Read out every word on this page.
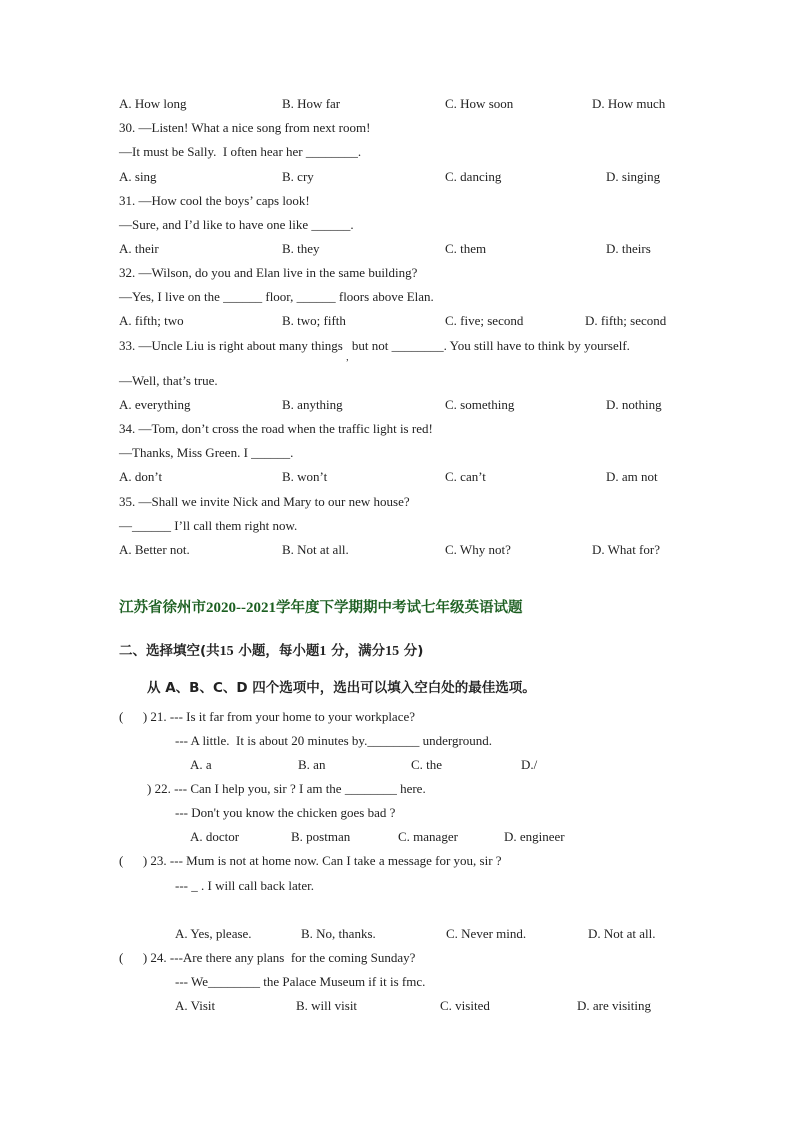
A. How long	B. How far	C. How soon	D. How much
30. —Listen! What a nice song from next room!
—It must be Sally.  I often hear her ________.
A. sing	B. cry	C. dancing	D. singing
31. —How cool the boys’ caps look!
—Sure, and I’d like to have one like ______.
A. their	B. they	C. them	D. theirs
32. —Wilson, do you and Elan live in the same building?
—Yes, I live on the ______ floor, ______ floors above Elan.
A. fifth; two	B. two; fifth	C. five; second	D. fifth; second
33. —Uncle Liu is right about many things $_,$ but not ________. You still have to think by yourself.
—Well, that’s true.
A. everything	B. anything	C. something	D. nothing
34. —Tom, don’t cross the road when the traffic light is red!
—Thanks, Miss Green. I ______.
A. don’t	B. won’t	C. can’t	D. am not
35. —Shall we invite Nick and Mary to our new house?
—______ I’ll call them right now.
A. Better not.	B. Not at all.	C. Why not?	D. What for?
江苏省徐州市2020--2021学年度下学期期中考试七年级英语试题
二、选择填空(共15 小题，每小题1 分，满分15 分)
从 A、B、C、D 四个选项中，选出可以填入空白处的最佳选项。
(      ) 21. --- Is it far from your home to your workplace?
--- A little.  It is about 20 minutes by.________ underground.
A. a	B. an	C. the	D./
) 22. --- Can I help you, sir ? I am the ________ here.
--- Don't you know the chicken goes bad ?
A. doctor	B. postman	C. manager	D. engineer
(      ) 23. --- Mum is not at home now. Can I take a message for you, sir ?
--- _ . I will call back later.
A. Yes, please.	B. No, thanks.	C. Never mind.	D. Not at all.
(      ) 24. ---Are there any plans  for the coming Sunday?
--- We________ the Palace Museum if it is fmc.
A. Visit	B. will visit	C. visited	D. are visiting
